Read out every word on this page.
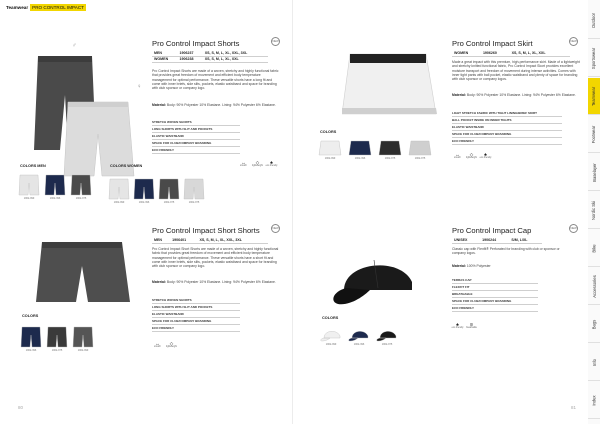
Teamwear PRO CONTROL IMPACT
Outdoor
Sportswear
Teamwear
Footwear
Baselayer
Nordic Ski
Bike
Accessories
Bags
Info
Index
♂
♀
Pro Control Impact Shorts	NEW
MEN	1906237	XS, S, M, L, XL, XXL, 3XL
WOMEN	1906238	XS, S, M, L, XL, XXL
Pro Control Impact Shorts are made of a woven, stretchy and highly functional fabric that provides great freedom of movement and efficient body temperature management for optimal performance. These versatile shorts have a long fit and come with inner briefs, side slits, pockets, elastic waistband and space for branding with club sponsor or company logo.
Material: Body: 90% Polyester 10% Elastane. Lining: 94% Polyester 6% Elastane.
STRETCH WOVEN SHORTS
LONG SHORTS WITH SLIT AND POCKETS
ELASTIC WAISTBAND
SPACE FOR CLUB/COMPANY BRANDING
ECO FRIENDLY
↔
stretch
◇
lightweight
♣
eco friendly
COLORS MEN	COLORS WOMEN
1962-999	1962-396	1962-975
1962-999	1962-396	1962-975	1962-975
Pro Control Impact Skirt	NEW
WOMEN	1906260	XS, S, M, L, XL, XXL
Made a great impact with this premium, high-performance skirt. Made of a lightweight and stretchy knitted functional fabric, Pro Control Impact Skort provides excellent moisture transport and freedom of movement during intense activities. Comes with inner tight pants with ball pocket, elastic waistband and plenty of space for branding with club sponsor or company logos.
Material: Body: 90% Polyester 10% Elastane. Lining: 94% Polyester 6% Elastane.
LIGHT STRETCH FABRIC WITH TIGHT LINING/BRIEF SKIRT
BALL POCKET INSIDE ON INNER TIGHTS
ELASTIC WAISTBAND
SPACE FOR CLUB/COMPANY BRANDING
ECO FRIENDLY
↔
stretch
◇
lightweight
♣
eco friendly
COLORS
1962-999	1962-396	1962-975	1962-975
Pro Control Impact Short Shorts	NEW
MEN	1906401	XS, S, M, L, XL, XXL, 3XL
Pro Control Impact Short Shorts are made of a woven, stretchy and highly functional fabric that provides great freedom of movement and efficient body temperature management for optimal performance. These versatile shorts have a short fit and come with inner briefs, side slits, pockets, elastic waistband and space for branding with club sponsor or company logo.
Material: Body: 90% Polyester 10% Elastane. Lining: 94% Polyester 6% Elastane.
STRETCH WOVEN SHORTS
LONG SHORTS WITH SLIT AND POCKETS
ELASTIC WAISTBAND
SPACE FOR CLUB/COMPANY BRANDING
ECO FRIENDLY
↔
stretch
◇
lightweight
COLORS
1962-396	1962-975	1962-999
Pro Control Impact Cap	NEW
UNISEX	1906244	S/M, L/XL
Classic cap with Flexfit® Perforated for branding with club or sponsor or company logos.
Material: 100% Polyester
TERRAS CAP
FLEXFIT FIT
BREATHABLE
SPACE FOR CLUB/COMPANY BRANDING
ECO FRIENDLY
♣
eco friendly
≋
breathable
COLORS
1962-999	1962-396	1962-975
80	81
